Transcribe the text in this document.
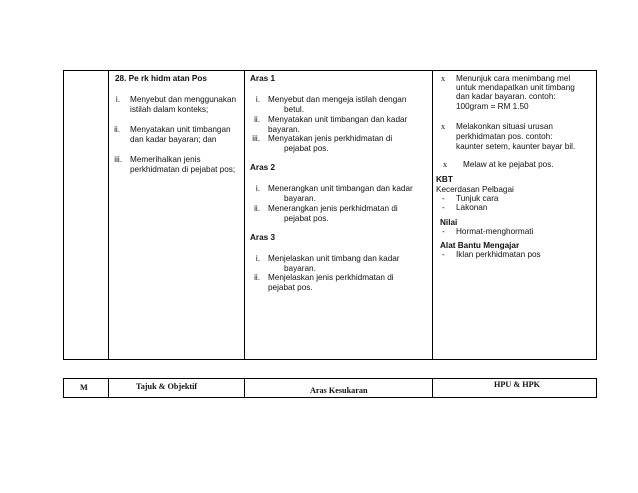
28. Pe rk hidm atan Pos
i. Menyebut dan menggunakan
istilah dalam konteks;
ii. Menyatakan unit timbangan
dan kadar bayaran; dan
iii. Memerihalkan jenis
perkhidmatan di pejabat pos;
Aras 1
i. Menyebut dan mengeja istilah dengan
betul.
ii. Menyatakan unit timbangan dan kadar
bayaran.
iii. Menyatakan jenis perkhidmatan di
pejabat pos.
Aras 2
i. Menerangkan unit timbangan dan kadar
bayaran.
ii. Menerangkan jenis perkhidmatan di
pejabat pos.
Aras 3
i. Menjelaskan unit timbang dan kadar
bayaran.
ii. Menjelaskan jenis perkhidmatan di
pejabat pos.
x Menunjuk cara menimbang mel
untuk mendapatkan unit timbang
dan kadar bayaran. contoh:
100gram = RM 1.50
x Melakonkan situasi urusan
perkhidmatan pos. contoh:
kaunter setem, kaunter bayar bil.
x Melaw at ke pejabat pos.
KBT
Kecerdasan Pelbagai
- Tunjuk cara
- Lakonan
Nilai
- Hormat-menghormati
Alat Bantu Mengajar
- Iklan perkhidmatan pos
M	Tajuk & Objektif	Aras Kesukaran
HPU & HPK
